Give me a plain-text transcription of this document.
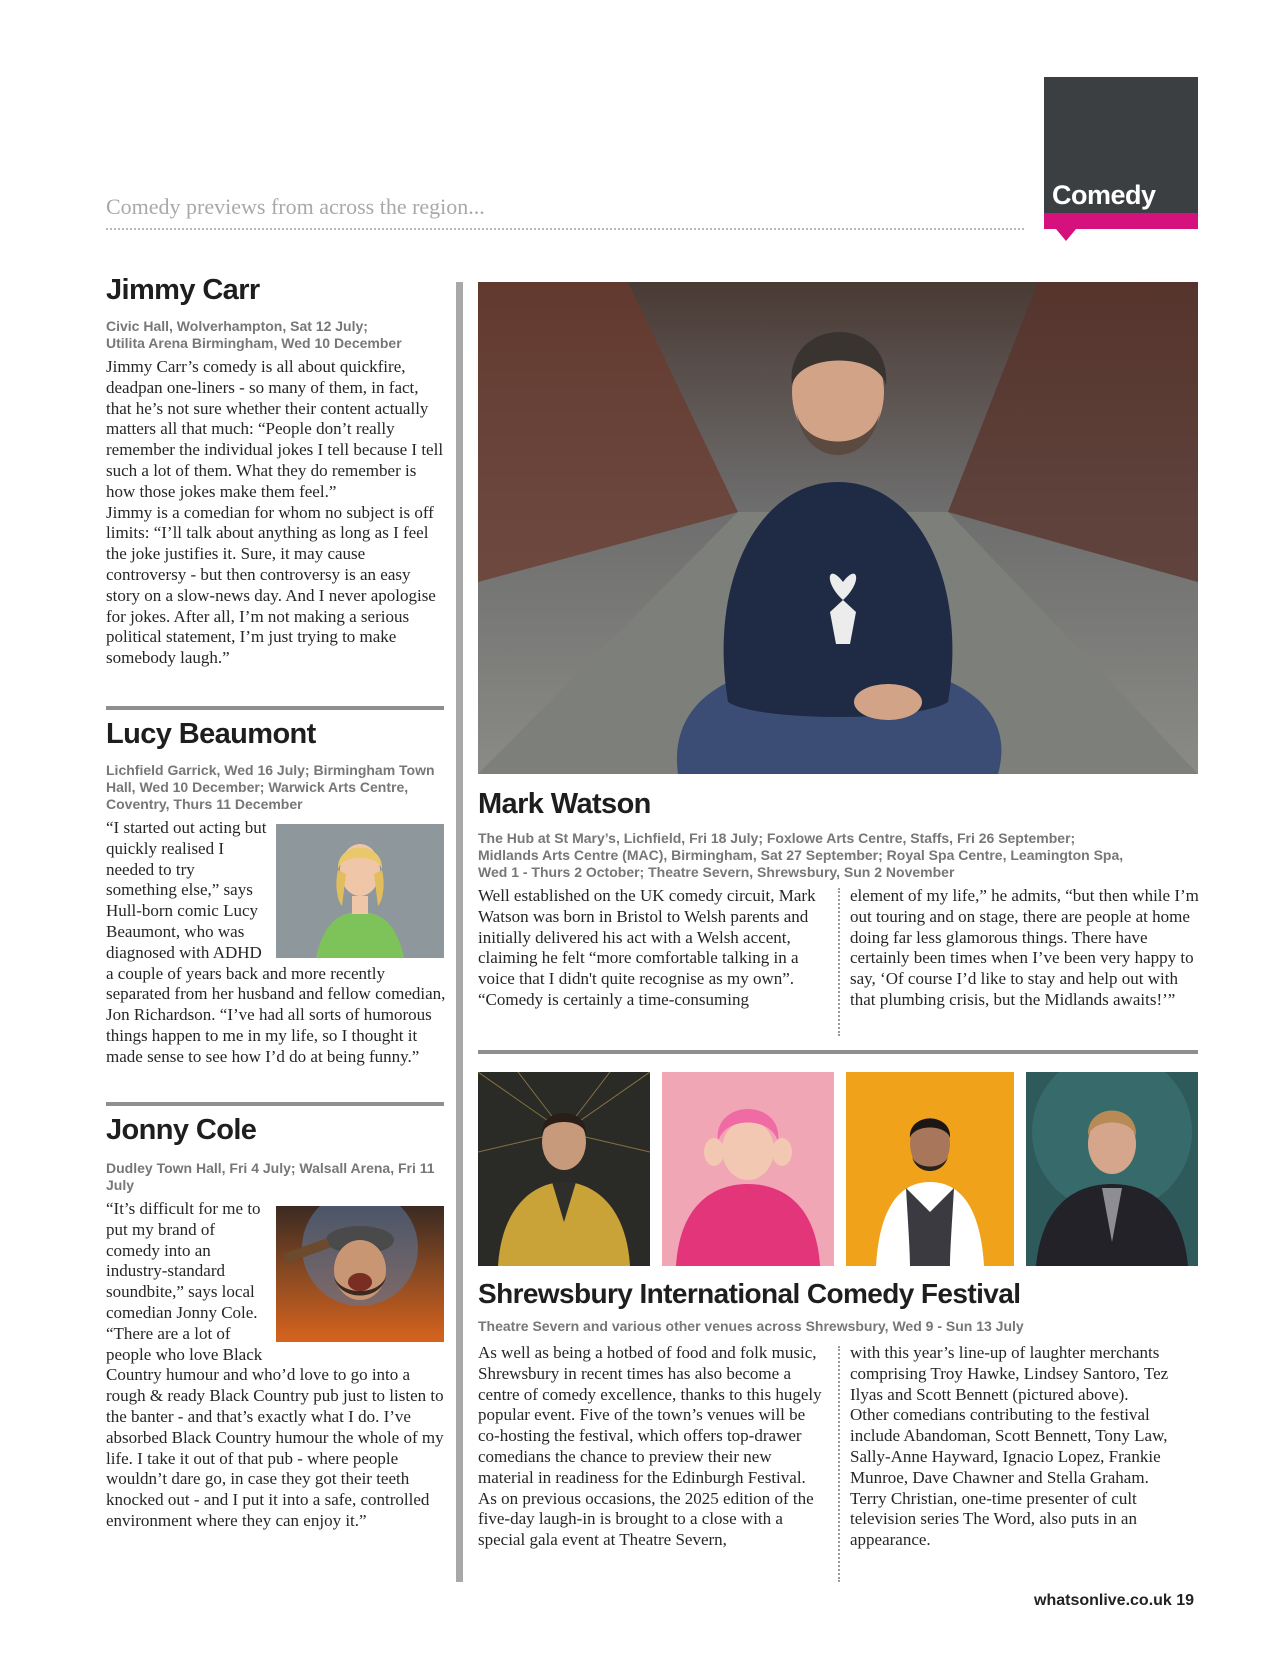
Comedy
Comedy previews from across the region...
Jimmy Carr
Civic Hall, Wolverhampton, Sat 12 July;
Utilita Arena Birmingham, Wed 10 December

Jimmy Carr’s comedy is all about quickfire, deadpan one-liners - so many of them, in fact, that he’s not sure whether their content actually matters all that much: “People don’t really remember the individual jokes I tell because I tell such a lot of them. What they do remember is how those jokes make them feel.”

Jimmy is a comedian for whom no subject is off limits: “I’ll talk about anything as long as I feel the joke justifies it. Sure, it may cause controversy - but then controversy is an easy story on a slow-news day. And I never apologise for jokes. After all, I’m not making a serious political statement, I’m just trying to make somebody laugh.”

Lucy Beaumont
Lichfield Garrick, Wed 16 July; Birmingham Town Hall, Wed 10 December; Warwick Arts Centre, Coventry, Thurs 11 December

“I started out acting but quickly realised I needed to try something else,” says Hull-born comic Lucy Beaumont, who was diagnosed with ADHD a couple of years back and more recently separated from her husband and fellow comedian, Jon Richardson. “I’ve had all sorts of humorous things happen to me in my life, so I thought it made sense to see how I’d do at being funny.”

Jonny Cole
Dudley Town Hall, Fri 4 July; Walsall Arena, Fri 11 July

“It’s difficult for me to put my brand of comedy into an industry-standard soundbite,” says local comedian Jonny Cole. “There are a lot of people who love Black Country humour and who’d love to go into a rough & ready Black Country pub just to listen to the banter - and that’s exactly what I do. I’ve absorbed Black Country humour the whole of my life. I take it out of that pub - where people wouldn’t dare go, in case they got their teeth knocked out - and I put it into a safe, controlled environment where they can enjoy it.”

Mark Watson
The Hub at St Mary’s, Lichfield, Fri 18 July; Foxlowe Arts Centre, Staffs, Fri 26 September;
Midlands Arts Centre (MAC), Birmingham, Sat 27 September; Royal Spa Centre, Leamington Spa,
Wed 1 - Thurs 2 October; Theatre Severn, Shrewsbury, Sun 2 November

Well established on the UK comedy circuit, Mark Watson was born in Bristol to Welsh parents and initially delivered his act with a Welsh accent, claiming he felt “more comfortable talking in a voice that I didn't quite recognise as my own”.

“Comedy is certainly a time-consuming

element of my life,” he admits, “but then while I’m out touring and on stage, there are people at home doing far less glamorous things. There have certainly been times when I’ve been very happy to say, ‘Of course I’d like to stay and help out with that plumbing crisis, but the Midlands awaits!’”

Shrewsbury International Comedy Festival
Theatre Severn and various other venues across Shrewsbury, Wed 9 - Sun 13 July

As well as being a hotbed of food and folk music, Shrewsbury in recent times has also become a centre of comedy excellence, thanks to this hugely popular event. Five of the town’s venues will be co-hosting the festival, which offers top-drawer comedians the chance to preview their new material in readiness for the Edinburgh Festival.

As on previous occasions, the 2025 edition of the five-day laugh-in is brought to a close with a special gala event at Theatre Severn,

with this year’s line-up of laughter merchants comprising Troy Hawke, Lindsey Santoro, Tez Ilyas and Scott Bennett (pictured above).

Other comedians contributing to the festival include Abandoman, Scott Bennett, Tony Law, Sally-Anne Hayward, Ignacio Lopez, Frankie Munroe, Dave Chawner and Stella Graham.

Terry Christian, one-time presenter of cult television series The Word, also puts in an appearance.

whatsonlive.co.uk 19
